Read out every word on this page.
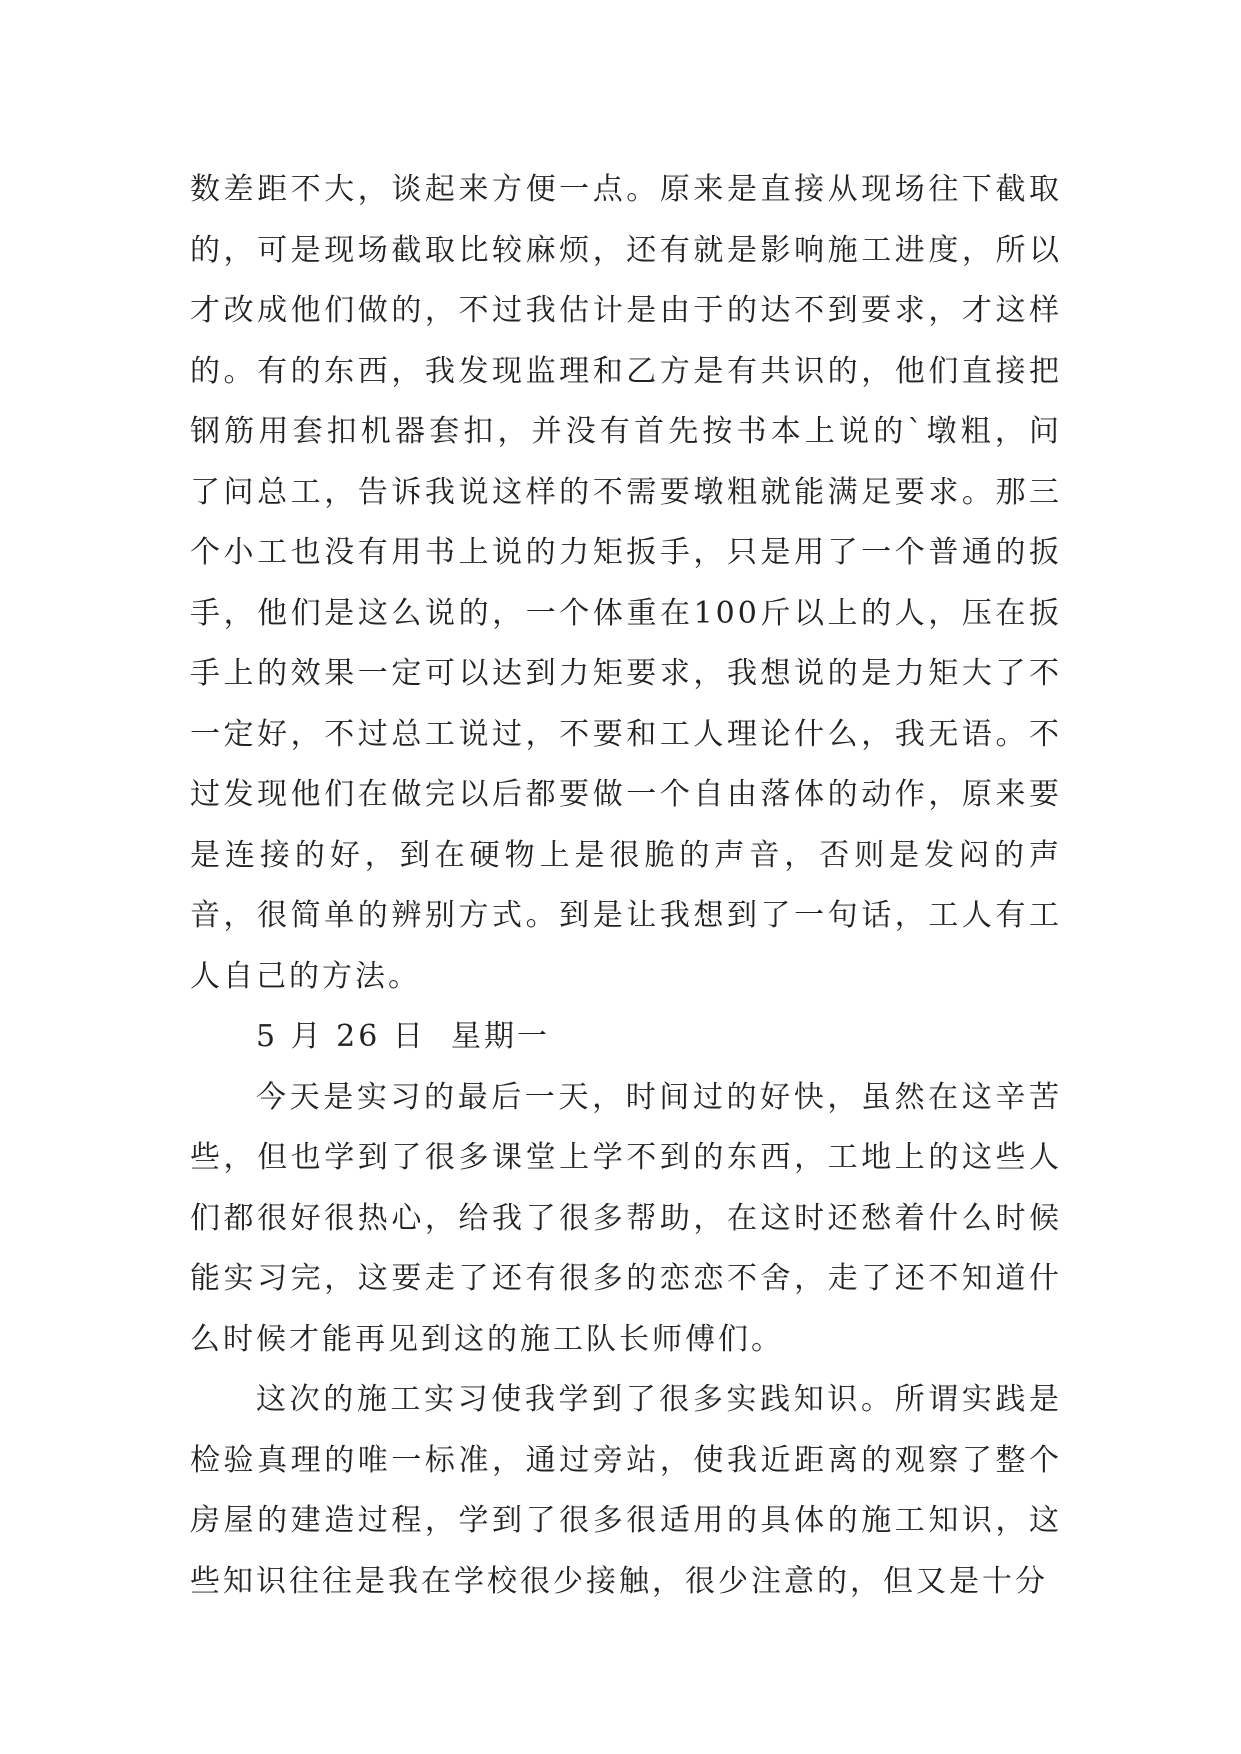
数差距不大，谈起来方便一点。原来是直接从现场往下截取的，可是现场截取比较麻烦，还有就是影响施工进度，所以才改成他们做的，不过我估计是由于的达不到要求，才这样的。有的东西，我发现监理和乙方是有共识的，他们直接把钢筋用套扣机器套扣，并没有首先按书本上说的`墩粗，问了问总工，告诉我说这样的不需要墩粗就能满足要求。那三个小工也没有用书上说的力矩扳手，只是用了一个普通的扳手，他们是这么说的，一个体重在100斤以上的人，压在扳手上的效果一定可以达到力矩要求，我想说的是力矩大了不一定好，不过总工说过，不要和工人理论什么，我无语。不过发现他们在做完以后都要做一个自由落体的动作，原来要是连接的好，到在硬物上是很脆的声音，否则是发闷的声音，很简单的辨别方式。到是让我想到了一句话，工人有工人自己的方法。

5 月 26 日  星期一

今天是实习的最后一天，时间过的好快，虽然在这辛苦些，但也学到了很多课堂上学不到的东西，工地上的这些人们都很好很热心，给我了很多帮助，在这时还愁着什么时候能实习完，这要走了还有很多的恋恋不舍，走了还不知道什么时候才能再见到这的施工队长师傅们。

这次的施工实习使我学到了很多实践知识。所谓实践是检验真理的唯一标准，通过旁站，使我近距离的观察了整个房屋的建造过程，学到了很多很适用的具体的施工知识，这些知识往往是我在学校很少接触，很少注意的，但又是十分
